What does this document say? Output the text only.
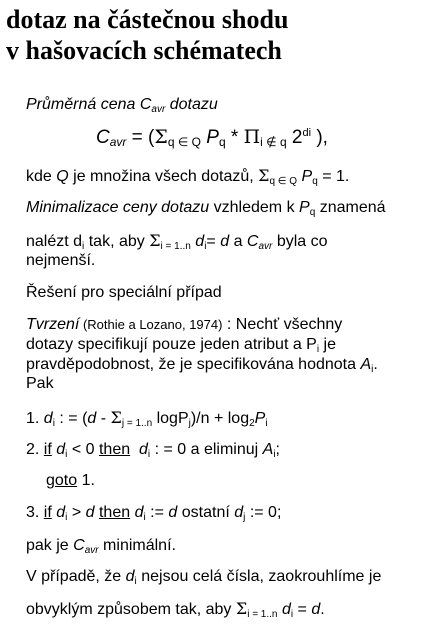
dotaz na částečnou shodu
v hašovacích schématech
Průměrná cena $C_{avr}$ dotazu
$C_{avr} = (\Sigma_{q \in Q}$ $P_q * \Pi_{i \notin q}$ $2^{di}$ ),
kde Q je množina všech dotazů, $\Sigma_{q \in Q}$ $P_q = 1$.
Minimalizace ceny dotazu vzhledem k $P_q$ znamená
nalézt $d_i$ tak, aby $\Sigma_{i = 1..n}$ $d_i= d$ a $C_{avr}$ byla co
nejmenší.
Řešení pro speciální případ
Tvrzení (Rothie a Lozano, 1974) : Nechť všechny
dotazy specifikují pouze jeden atribut a $P_i$ je
pravděpodobnost, že je specifikována hodnota $A_i$.
Pak
1. $d_i$ : = ($d - \Sigma_{j = 1..n}$ $\log P_j)/n + \log_2P_i$
2. if $d_i < 0$ then $d_i$ : = 0 a eliminuj $A_i$;
goto 1.
3. if $d_i > d$ then $d_i$ := d ostatní $d_j$ := 0;
pak je $C_{avr}$ minimální.
V případě, že $d_i$ nejsou celá čísla, zaokrouhlíme je
obvyklým způsobem tak, aby $\Sigma_{i = 1..n}$ $d_i = d$.
